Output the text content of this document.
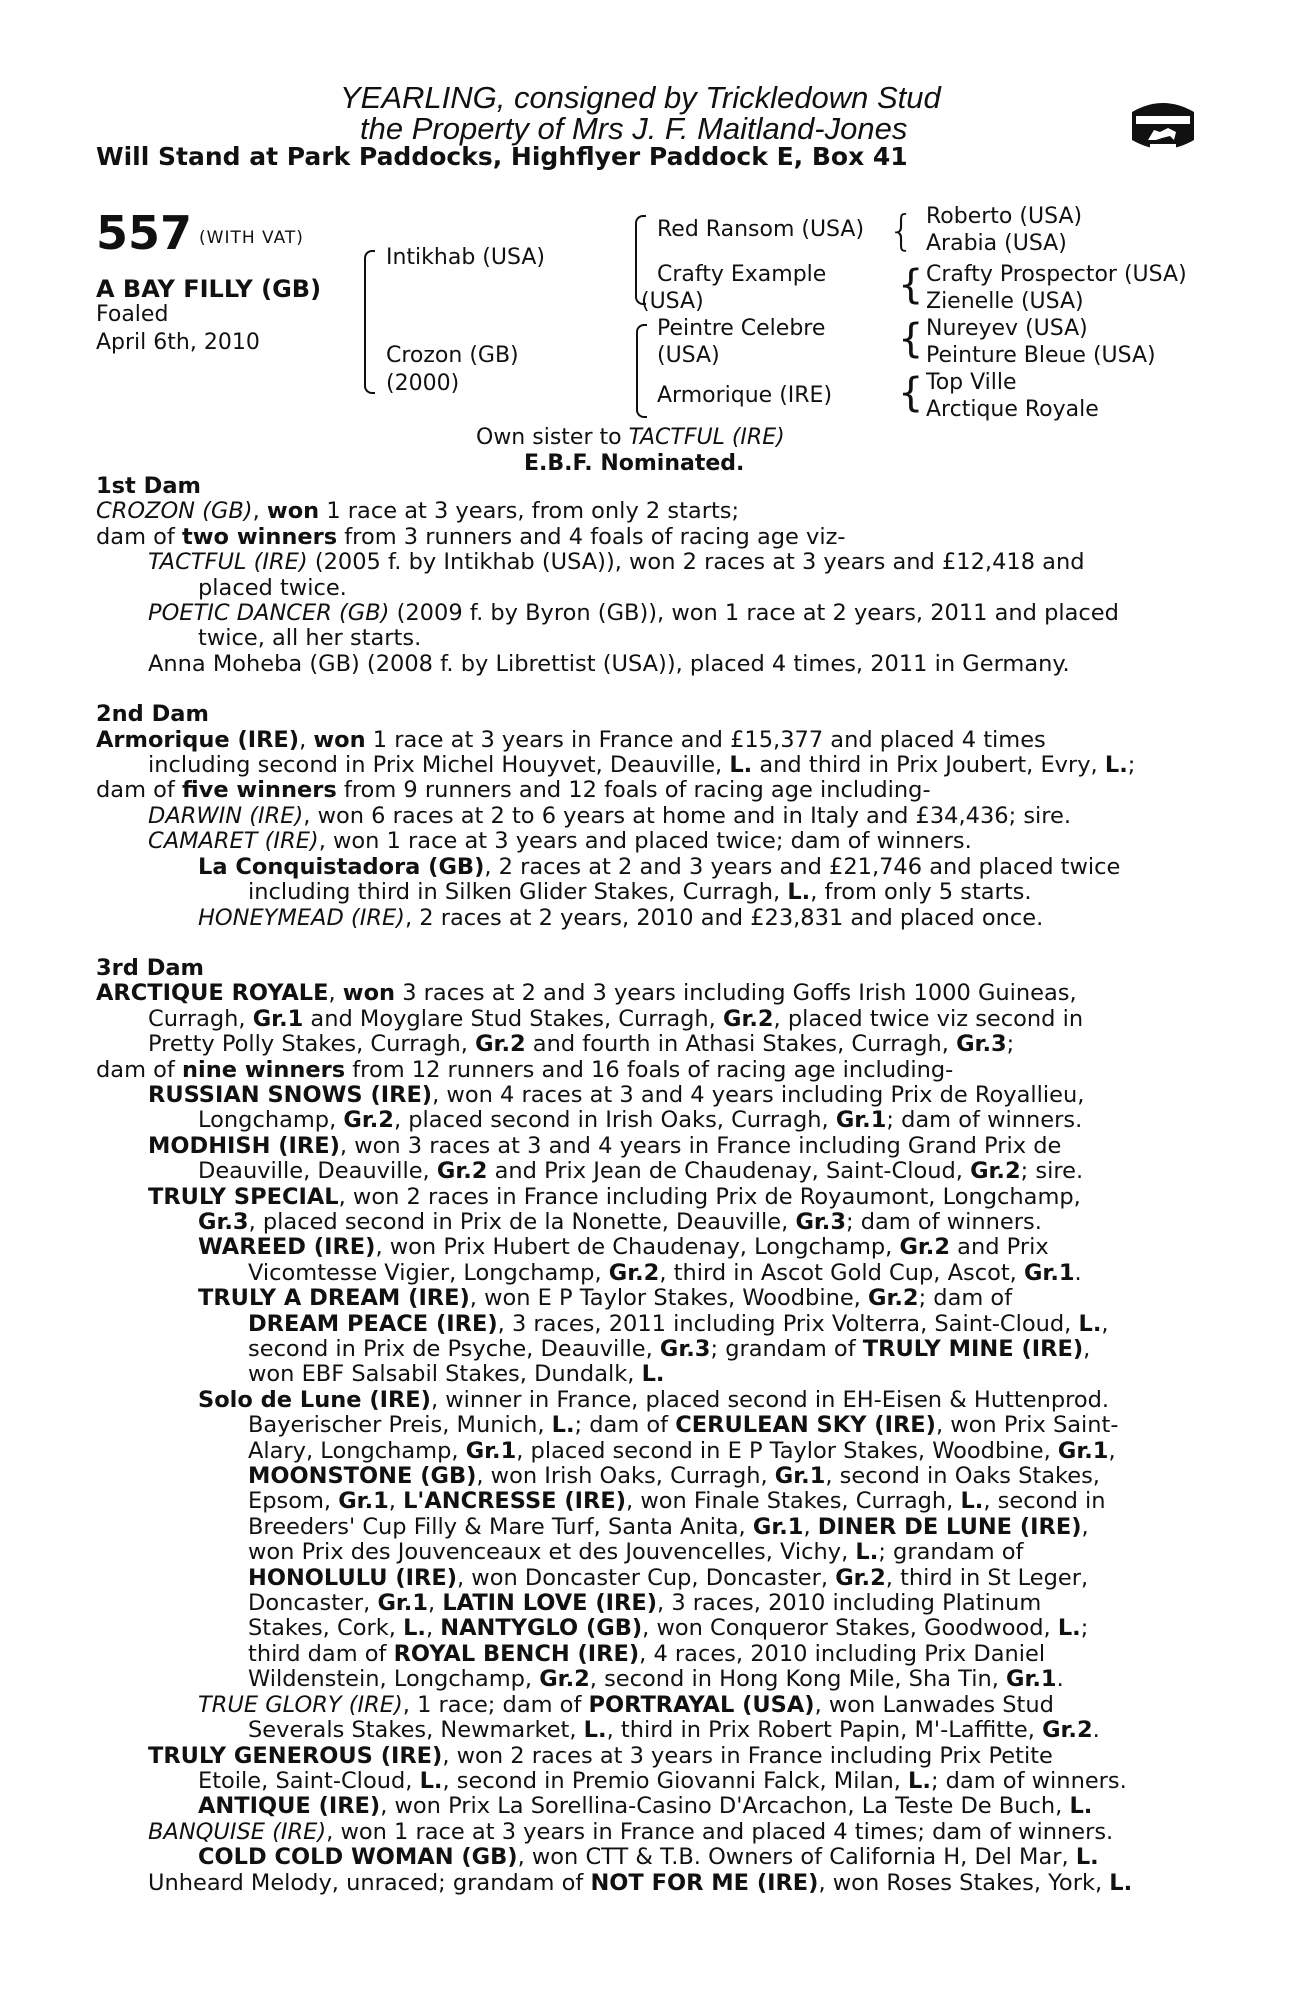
YEARLING, consigned by Trickledown Stud
the Property of Mrs J. F. Maitland-Jones
Will Stand at Park Paddocks, Highflyer Paddock E, Box 41
557 (WITH VAT)
A BAY FILLY (GB)
Foaled
April 6th, 2010
Intikhab (USA)
Crozon (GB)
(2000)
Red Ransom (USA)
Crafty Example
(USA)
Peintre Celebre
(USA)
Armorique (IRE)
{ Roberto (USA)
Arabia (USA)
{ Crafty Prospector (USA)
Zienelle (USA)
{ Nureyev (USA)
Peinture Bleue (USA)
{ Top Ville
Arctique Royale
Own sister to TACTFUL (IRE)
E.B.F. Nominated.
1st Dam
CROZON (GB), won 1 race at 3 years, from only 2 starts;
dam of two winners from 3 runners and 4 foals of racing age viz-
TACTFUL (IRE) (2005 f. by Intikhab (USA)), won 2 races at 3 years and £12,418 and
placed twice.
POETIC DANCER (GB) (2009 f. by Byron (GB)), won 1 race at 2 years, 2011 and placed
twice, all her starts.
Anna Moheba (GB) (2008 f. by Librettist (USA)), placed 4 times, 2011 in Germany.
2nd Dam
Armorique (IRE), won 1 race at 3 years in France and £15,377 and placed 4 times
including second in Prix Michel Houyvet, Deauville, L. and third in Prix Joubert, Evry, L.;
dam of five winners from 9 runners and 12 foals of racing age including-
DARWIN (IRE), won 6 races at 2 to 6 years at home and in Italy and £34,436; sire.
CAMARET (IRE), won 1 race at 3 years and placed twice; dam of winners.
La Conquistadora (GB), 2 races at 2 and 3 years and £21,746 and placed twice
including third in Silken Glider Stakes, Curragh, L., from only 5 starts.
HONEYMEAD (IRE), 2 races at 2 years, 2010 and £23,831 and placed once.
3rd Dam
ARCTIQUE ROYALE, won 3 races at 2 and 3 years including Goffs Irish 1000 Guineas,
Curragh, Gr.1 and Moyglare Stud Stakes, Curragh, Gr.2, placed twice viz second in
Pretty Polly Stakes, Curragh, Gr.2 and fourth in Athasi Stakes, Curragh, Gr.3;
dam of nine winners from 12 runners and 16 foals of racing age including-
RUSSIAN SNOWS (IRE), won 4 races at 3 and 4 years including Prix de Royallieu,
Longchamp, Gr.2, placed second in Irish Oaks, Curragh, Gr.1; dam of winners.
MODHISH (IRE), won 3 races at 3 and 4 years in France including Grand Prix de
Deauville, Deauville, Gr.2 and Prix Jean de Chaudenay, Saint-Cloud, Gr.2; sire.
TRULY SPECIAL, won 2 races in France including Prix de Royaumont, Longchamp,
Gr.3, placed second in Prix de la Nonette, Deauville, Gr.3; dam of winners.
WAREED (IRE), won Prix Hubert de Chaudenay, Longchamp, Gr.2 and Prix
Vicomtesse Vigier, Longchamp, Gr.2, third in Ascot Gold Cup, Ascot, Gr.1.
TRULY A DREAM (IRE), won E P Taylor Stakes, Woodbine, Gr.2; dam of
DREAM PEACE (IRE), 3 races, 2011 including Prix Volterra, Saint-Cloud, L.,
second in Prix de Psyche, Deauville, Gr.3; grandam of TRULY MINE (IRE),
won EBF Salsabil Stakes, Dundalk, L.
Solo de Lune (IRE), winner in France, placed second in EH-Eisen & Huttenprod.
Bayerischer Preis, Munich, L.; dam of CERULEAN SKY (IRE), won Prix Saint-
Alary, Longchamp, Gr.1, placed second in E P Taylor Stakes, Woodbine, Gr.1,
MOONSTONE (GB), won Irish Oaks, Curragh, Gr.1, second in Oaks Stakes,
Epsom, Gr.1, L'ANCRESSE (IRE), won Finale Stakes, Curragh, L., second in
Breeders' Cup Filly & Mare Turf, Santa Anita, Gr.1, DINER DE LUNE (IRE),
won Prix des Jouvenceaux et des Jouvencelles, Vichy, L.; grandam of
HONOLULU (IRE), won Doncaster Cup, Doncaster, Gr.2, third in St Leger,
Doncaster, Gr.1, LATIN LOVE (IRE), 3 races, 2010 including Platinum
Stakes, Cork, L., NANTYGLO (GB), won Conqueror Stakes, Goodwood, L.;
third dam of ROYAL BENCH (IRE), 4 races, 2010 including Prix Daniel
Wildenstein, Longchamp, Gr.2, second in Hong Kong Mile, Sha Tin, Gr.1.
TRUE GLORY (IRE), 1 race; dam of PORTRAYAL (USA), won Lanwades Stud
Severals Stakes, Newmarket, L., third in Prix Robert Papin, M'-Laffitte, Gr.2.
TRULY GENEROUS (IRE), won 2 races at 3 years in France including Prix Petite
Etoile, Saint-Cloud, L., second in Premio Giovanni Falck, Milan, L.; dam of winners.
ANTIQUE (IRE), won Prix La Sorellina-Casino D'Arcachon, La Teste De Buch, L.
BANQUISE (IRE), won 1 race at 3 years in France and placed 4 times; dam of winners.
COLD COLD WOMAN (GB), won CTT & T.B. Owners of California H, Del Mar, L.
Unheard Melody, unraced; grandam of NOT FOR ME (IRE), won Roses Stakes, York, L.
